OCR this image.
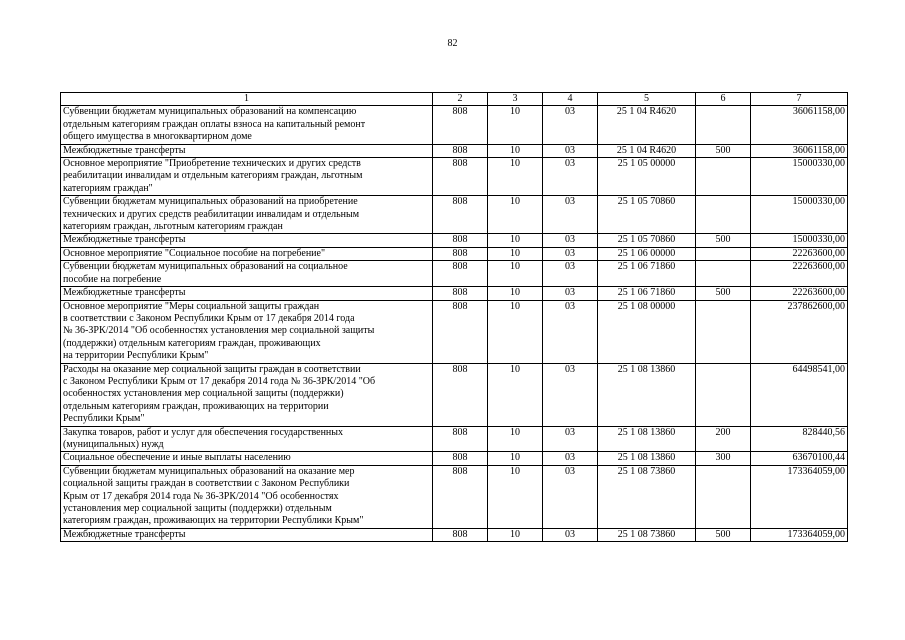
82
1	2	3	4	5	6	7

Субвенции бюджетам муниципальных образований на компенсацию
отдельным категориям граждан оплаты взноса на капитальный ремонт
общего имущества в многоквартирном доме	808	10	03	25 1 04 R4620		36061158,00

Межбюджетные трансферты	808	10	03	25 1 04 R4620	500	36061158,00

Основное мероприятие "Приобретение технических и других средств
реабилитации инвалидам и отдельным категориям граждан, льготным
категориям граждан"	808	10	03	25 1 05 00000		15000330,00

Субвенции бюджетам муниципальных образований на приобретение
технических и других средств реабилитации инвалидам и отдельным
категориям граждан, льготным категориям граждан	808	10	03	25 1 05 70860		15000330,00

Межбюджетные трансферты	808	10	03	25 1 05 70860	500	15000330,00

Основное мероприятие "Социальное пособие на погребение"	808	10	03	25 1 06 00000		22263600,00

Субвенции бюджетам муниципальных образований на социальное
пособие на погребение	808	10	03	25 1 06 71860		22263600,00

Межбюджетные трансферты	808	10	03	25 1 06 71860	500	22263600,00

Основное мероприятие "Меры социальной защиты граждан
в соответствии с Законом Республики Крым от 17 декабря 2014 года
№ 36-ЗРК/2014 "Об особенностях установления мер социальной защиты
(поддержки) отдельным категориям граждан, проживающих
на территории Республики Крым"	808	10	03	25 1 08 00000		237862600,00

Расходы на оказание мер социальной защиты граждан в соответствии
с Законом Республики Крым от 17 декабря 2014 года № 36-ЗРК/2014 "Об
особенностях установления мер социальной защиты (поддержки)
отдельным категориям граждан, проживающих на территории
Республики Крым"	808	10	03	25 1 08 13860		64498541,00

Закупка товаров, работ и услуг для обеспечения государственных
(муниципальных) нужд	808	10	03	25 1 08 13860	200	828440,56

Социальное обеспечение и иные выплаты населению	808	10	03	25 1 08 13860	300	63670100,44

Субвенции бюджетам муниципальных образований на оказание мер
социальной защиты граждан в соответствии с Законом Республики
Крым от 17 декабря 2014 года № 36-ЗРК/2014 "Об особенностях
установления мер социальной защиты (поддержки) отдельным
категориям граждан, проживающих на территории Республики Крым"	808	10	03	25 1 08 73860		173364059,00

Межбюджетные трансферты	808	10	03	25 1 08 73860	500	173364059,00
